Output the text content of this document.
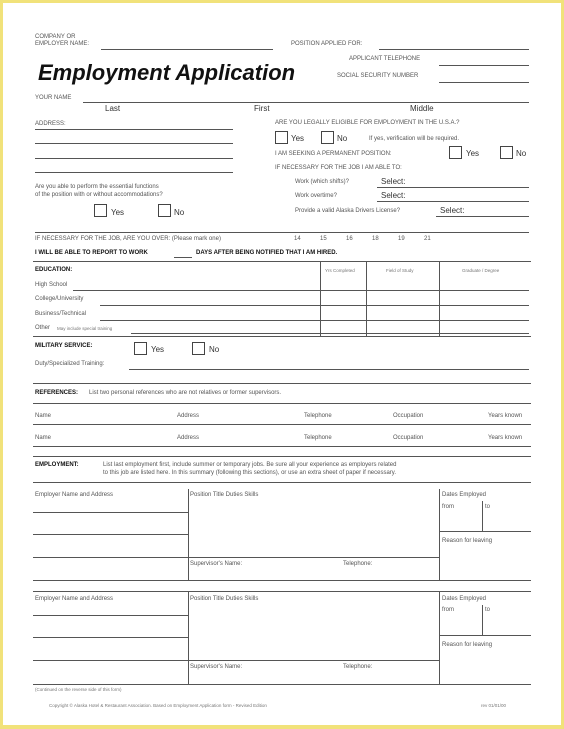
COMPANY OR
EMPLOYER NAME:	POSITION APPLIED FOR:
APPLICANT TELEPHONE
Employment Application	SOCIAL SECURITY NUMBER
YOUR NAME
Last	First	Middle
ADDRESS:	ARE YOU LEGALLY ELIGIBLE FOR EMPLOYMENT IN THE U.S.A.?
Yes	No	If yes, verification will be required.
I AM SEEKING A PERMANENT POSITION:	Yes	No
IF NECESSARY FOR THE JOB I AM ABLE TO:
Work (which shifts)?	Select:
Work overtime?	Select:
Provide a valid Alaska Drivers License?	Select:
Are you able to perform the essential functions
of the position with or without accommodations?
Yes	No
IF NECESSARY FOR THE JOB, ARE YOU OVER: (Please mark one)	14	15	16	18	19	21
I WILL BE ABLE TO REPORT TO WORK	DAYS AFTER BEING NOTIFIED THAT I AM HIRED.
EDUCATION:	Yrs Completed	Field of Study	Graduate / Degree
High School
College/University
Business/Technical
Other May include special training
MILITARY SERVICE:	Yes	No
Duty/Specialized Training:
REFERENCES: List two personal references who are not relatives or former supervisors.
Name	Address	Telephone	Occupation	Years known
Name	Address	Telephone	Occupation	Years known
EMPLOYMENT:	List last employment first, include summer or temporary jobs. Be sure all your experience as employers related
to this job are listed here. In this summary (following this sections), or use an extra sheet of paper if necessary.
Employer Name and Address	Position Title Duties Skills	Dates Employed
from	to
Reason for leaving
Supervisor's Name:	Telephone:
Employer Name and Address	Position Title Duties Skills	Dates Employed
from	to
Reason for leaving
Supervisor's Name:	Telephone:
(Continued on the reverse side of this form)
Copyright © Alaska Hotel & Restaurant Association. Based on Employment Application form - Revised Edition	rev 01/01/00
